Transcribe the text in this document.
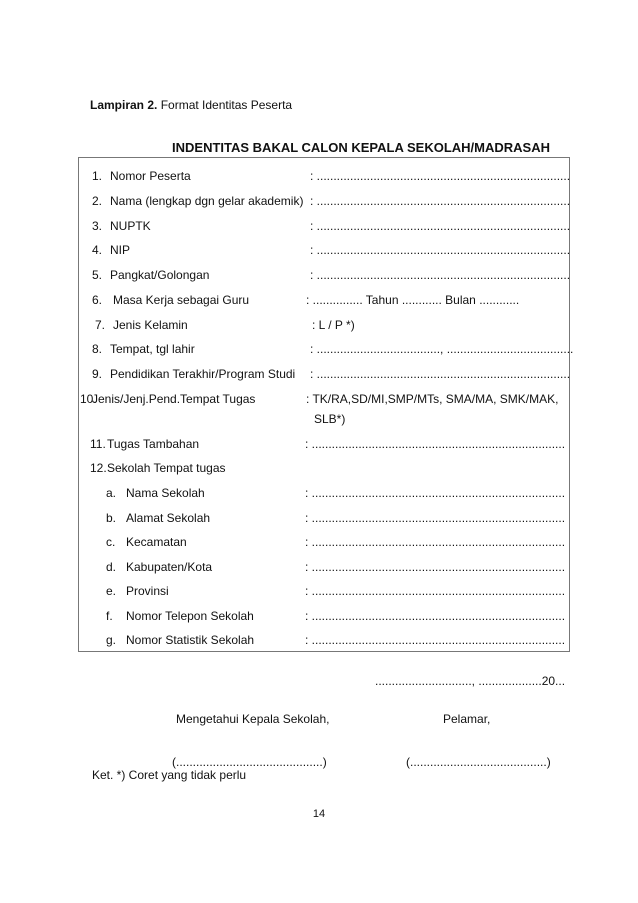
Lampiran 2. Format Identitas Peserta
INDENTITAS BAKAL CALON KEPALA SEKOLAH/MADRASAH
1. Nomor Peserta	: ............................................................................
2. Nama (lengkap dgn gelar akademik) : ............................................................................
3. NUPTK	: ............................................................................
4. NIP	: ............................................................................
5. Pangkat/Golongan	: ............................................................................
6. Masa Kerja sebagai Guru	: ............... Tahun ............ Bulan ............
7. Jenis Kelamin	: L / P *)
8. Tempat, tgl lahir	: ....................................., ......................................
9. Pendidikan Terakhir/Program Studi : ............................................................................
10.
Jenis/Jenj.Pend.Tempat Tugas	: TK/RA,SD/MI,SMP/MTs, SMA/MA, SMK/MAK,
SLB*)
11. Tugas Tambahan	: ............................................................................
12. Sekolah Tempat tugas
a. Nama Sekolah	: ............................................................................
b. Alamat Sekolah	: ............................................................................
c. Kecamatan	: ............................................................................
d. Kabupaten/Kota	: ............................................................................
e. Provinsi	: ............................................................................
f. Nomor Telepon Sekolah	: ............................................................................
g. Nomor Statistik Sekolah	: ............................................................................
............................., ...................20...
Mengetahui Kepala Sekolah,	Pelamar,
(............................................)	(.........................................)
Ket. *) Coret yang tidak perlu
14
